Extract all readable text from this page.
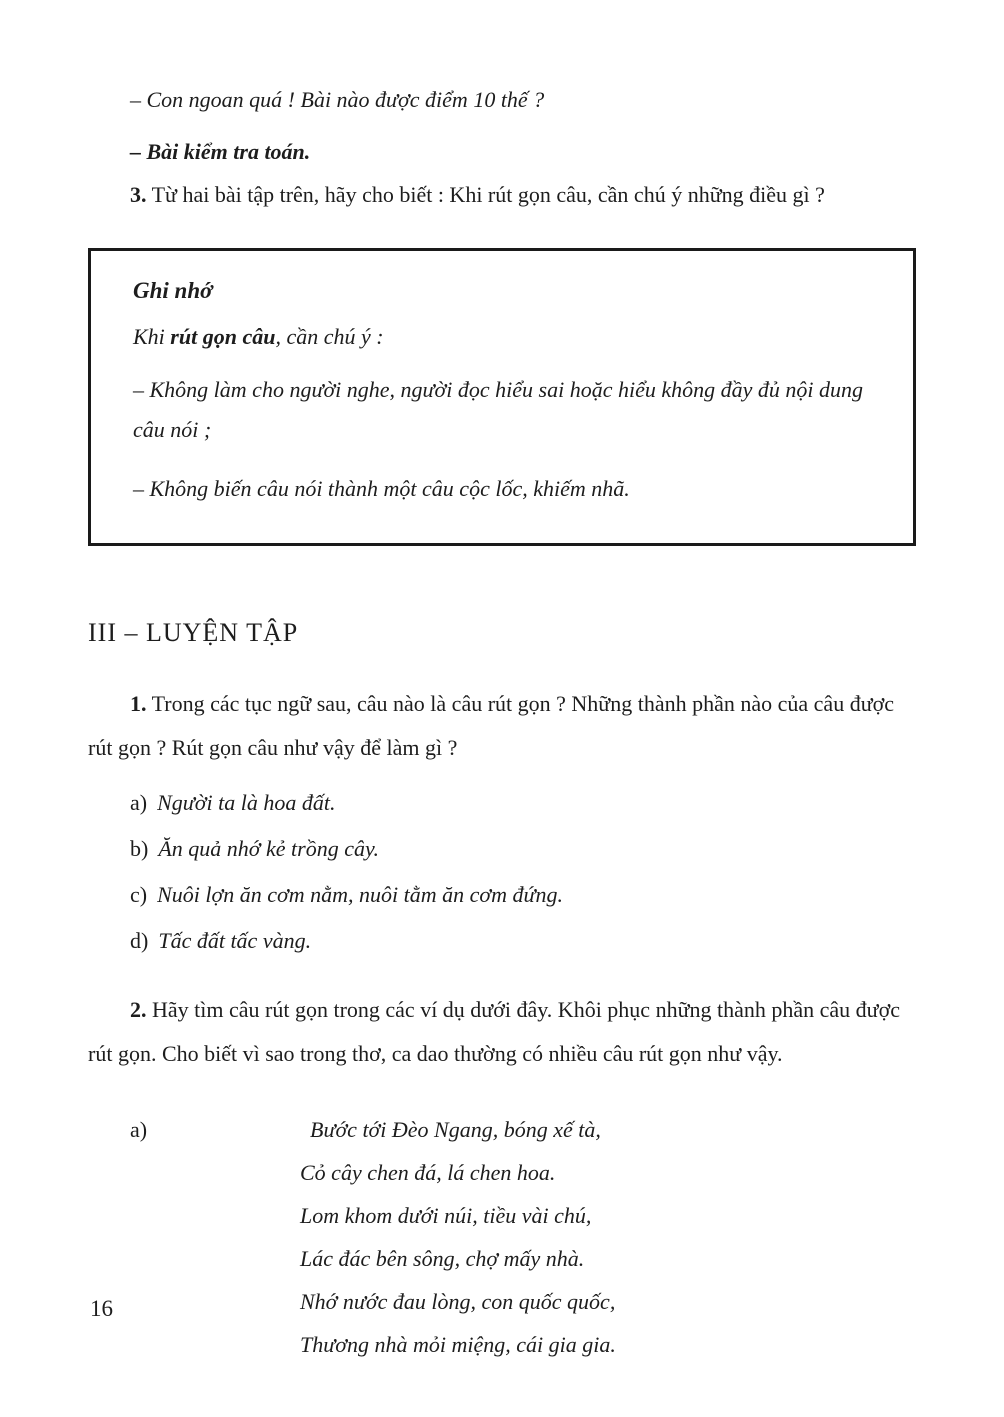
– Con ngoan quá ! Bài nào được điểm 10 thế ?
– Bài kiểm tra toán.

3. Từ hai bài tập trên, hãy cho biết : Khi rút gọn câu, cần chú ý những điều gì ?

Ghi nhớ
Khi rút gọn câu, cần chú ý :
– Không làm cho người nghe, người đọc hiểu sai hoặc hiểu không đầy đủ nội dung câu nói ;
– Không biến câu nói thành một câu cộc lốc, khiếm nhã.
III – LUYỆN TẬP

1. Trong các tục ngữ sau, câu nào là câu rút gọn ? Những thành phần nào của câu được rút gọn ? Rút gọn câu như vậy để làm gì ?

a) Người ta là hoa đất.
b) Ăn quả nhớ kẻ trồng cây.
c) Nuôi lợn ăn cơm nằm, nuôi tằm ăn cơm đứng.
d) Tấc đất tấc vàng.

2. Hãy tìm câu rút gọn trong các ví dụ dưới đây. Khôi phục những thành phần câu được rút gọn. Cho biết vì sao trong thơ, ca dao thường có nhiều câu rút gọn như vậy.

a)	Bước tới Đèo Ngang, bóng xế tà,
Cỏ cây chen đá, lá chen hoa.
Lom khom dưới núi, tiều vài chú,
Lác đác bên sông, chợ mấy nhà.
Nhớ nước đau lòng, con quốc quốc,
Thương nhà mỏi miệng, cái gia gia.
16
